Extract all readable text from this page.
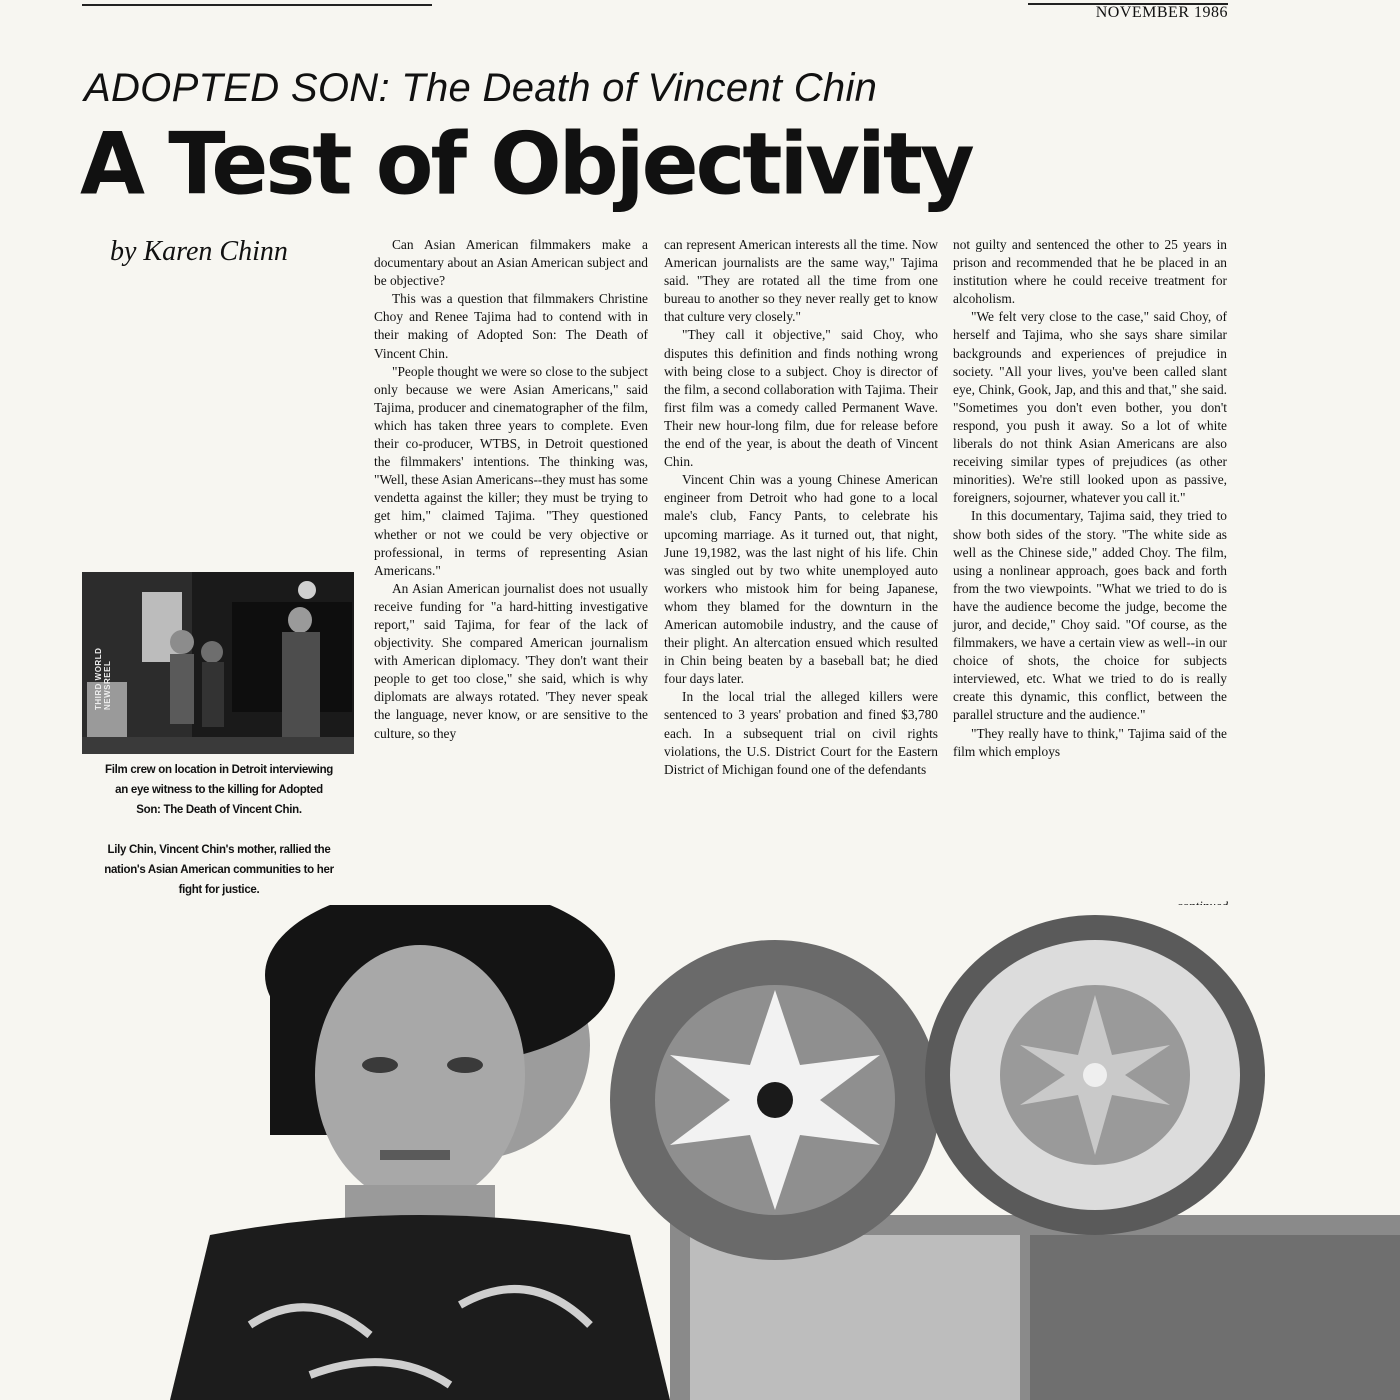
NOVEMBER 1986
ADOPTED SON: The Death of Vincent Chin
A Test of Objectivity
by Karen Chinn
THIRD WORLD NEWSREEL
Film crew on location in Detroit interviewing
an eye witness to the killing for Adopted
Son: The Death of Vincent Chin.
Lily Chin, Vincent Chin's mother, rallied the
nation's Asian American communities to her
fight for justice.

Can Asian American filmmakers make a documentary about an Asian American subject and be objective?

This was a question that filmmakers Christine Choy and Renee Tajima had to contend with in their making of Adopted Son: The Death of Vincent Chin.

"People thought we were so close to the subject only because we were Asian Americans," said Tajima, producer and cinematographer of the film, which has taken three years to complete. Even their co-producer, WTBS, in Detroit questioned the filmmakers' intentions. The thinking was, "Well, these Asian Americans--they must has some vendetta against the killer; they must be trying to get him," claimed Tajima. "They questioned whether or not we could be very objective or professional, in terms of representing Asian Americans."

An Asian American journalist does not usually receive funding for "a hard-hitting investigative report," said Tajima, for fear of the lack of objectivity. She compared American journalism with American diplomacy. 'They don't want their people to get too close," she said, which is why diplomats are always rotated. 'They never speak the language, never know, or are sensitive to the culture, so they

can represent American interests all the time. Now American journalists are the same way," Tajima said. "They are rotated all the time from one bureau to another so they never really get to know that culture very closely."

"They call it objective," said Choy, who disputes this definition and finds nothing wrong with being close to a subject. Choy is director of the film, a second collaboration with Tajima. Their first film was a comedy called Permanent Wave. Their new hour-long film, due for release before the end of the year, is about the death of Vincent Chin.

Vincent Chin was a young Chinese American engineer from Detroit who had gone to a local male's club, Fancy Pants, to celebrate his upcoming marriage. As it turned out, that night, June 19,1982, was the last night of his life. Chin was singled out by two white unemployed auto workers who mistook him for being Japanese, whom they blamed for the downturn in the American automobile industry, and the cause of their plight. An altercation ensued which resulted in Chin being beaten by a baseball bat; he died four days later.

In the local trial the alleged killers were sentenced to 3 years' probation and fined $3,780 each. In a subsequent trial on civil rights violations, the U.S. District Court for the Eastern District of Michigan found one of the defendants

not guilty and sentenced the other to 25 years in prison and recommended that he be placed in an institution where he could receive treatment for alcoholism.

"We felt very close to the case," said Choy, of herself and Tajima, who she says share similar backgrounds and experiences of prejudice in society. "All your lives, you've been called slant eye, Chink, Gook, Jap, and this and that," she said. "Sometimes you don't even bother, you don't respond, you push it away. So a lot of white liberals do not think Asian Americans are also receiving similar types of prejudices (as other minorities). We're still looked upon as passive, foreigners, sojourner, whatever you call it."

In this documentary, Tajima said, they tried to show both sides of the story. "The white side as well as the Chinese side," added Choy. The film, using a nonlinear approach, goes back and forth from the two viewpoints. "What we tried to do is have the audience become the judge, become the juror, and decide," Choy said. "Of course, as the filmmakers, we have a certain view as well--in our choice of shots, the choice for subjects interviewed, etc. What we tried to do is really create this dynamic, this conflict, between the parallel structure and the audience."

"They really have to think," Tajima said of the film which employs
